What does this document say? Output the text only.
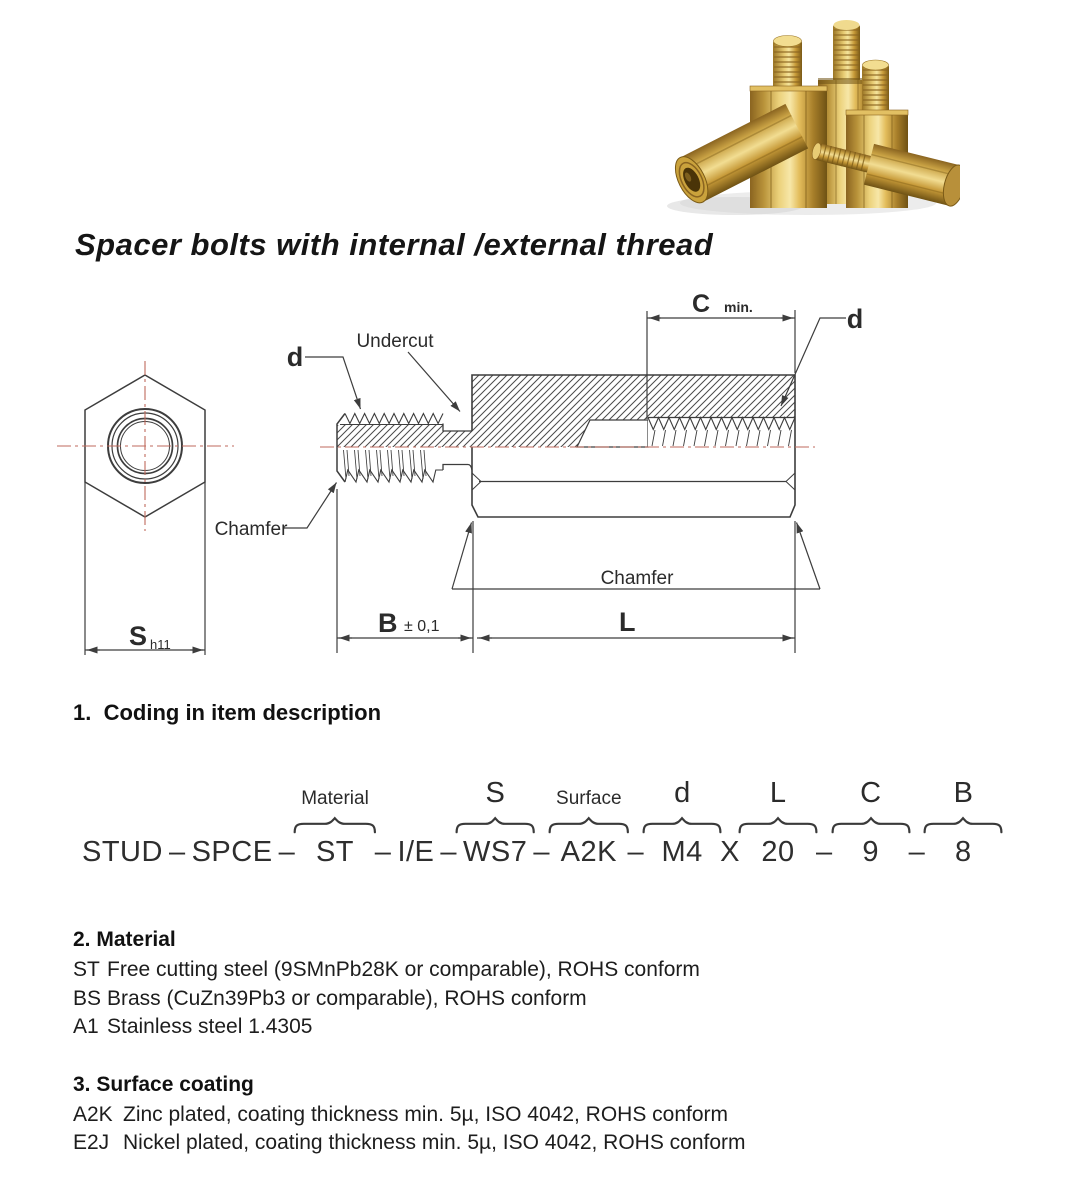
Spacer bolts with internal /external thread
S h11
d
Undercut
C min.	d
Chamfer
Chamfer
B ± 0,1	L
1.  Coding in item description
STUD – SPCE –
Material
ST – I/E –
S
WS7 –
Surface
A2K –
d
M4 X
L
20 –
C
9 –
B
8
2. Material
ST Free cutting steel (9SMnPb28K or comparable), ROHS conform
BS Brass (CuZn39Pb3 or comparable), ROHS conform
A1 Stainless steel 1.4305
3. Surface coating
A2K Zinc plated, coating thickness min. 5µ, ISO 4042, ROHS conform
E2J Nickel plated, coating thickness min. 5µ, ISO 4042, ROHS conform
